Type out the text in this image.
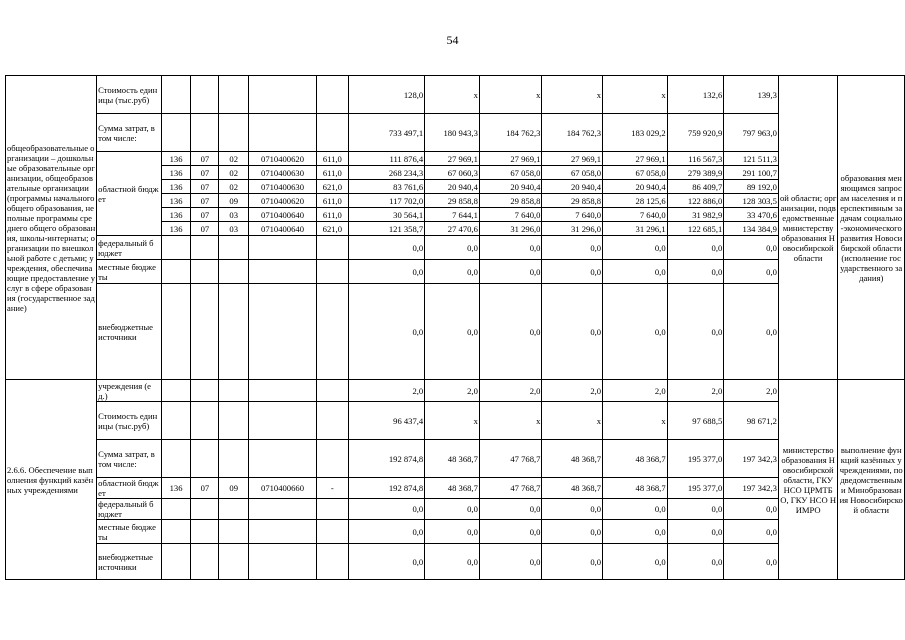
54
общеобразовательные организации – дошкольные образовательные организации, общеобразовательные организации (программы начального общего образования, неполные программы среднего общего образования, школы-интернаты; организации по внешкольной работе с детьми; учреждения, обеспечивающие предоставление услуг в сфере образования (государственное задание)	Стоимость единицы (тыс.руб)						128,0	х	х	х	х	132,6	139,3	ой области; организации, подведомственные министерству образования Новосибирской области	образования меняющимся запросам населения и перспективным задачам социально-экономического развития Новосибирской области (исполнение государственного задания)
	Сумма затрат, в том числе:						733 497,1	180 943,3	184 762,3	184 762,3	183 029,2	759 920,9	797 963,0		
	областной бюджет	136	07	02	0710400620	611,0	111 876,4	27 969,1	27 969,1	27 969,1	27 969,1	116 567,3	121 511,3		
		136	07	02	0710400630	611,0	268 234,3	67 060,3	67 058,0	67 058,0	67 058,0	279 389,9	291 100,7		
		136	07	02	0710400630	621,0	83 761,6	20 940,4	20 940,4	20 940,4	20 940,4	86 409,7	89 192,0		
		136	07	09	0710400620	611,0	117 702,0	29 858,8	29 858,8	29 858,8	28 125,6	122 886,0	128 303,5		
		136	07	03	0710400640	611,0	30 564,1	7 644,1	7 640,0	7 640,0	7 640,0	31 982,9	33 470,6		
		136	07	03	0710400640	621,0	121 358,7	27 470,6	31 296,0	31 296,0	31 296,1	122 685,1	134 384,9		
	федеральный бюджет						0,0	0,0	0,0	0,0	0,0	0,0	0,0		
	местные бюджеты						0,0	0,0	0,0	0,0	0,0	0,0	0,0		
	внебюджетные источники						0,0	0,0	0,0	0,0	0,0	0,0	0,0		
2.6.6. Обеспечение выполнения функций казённых учреждениями	учреждения (ед.)						2,0	2,0	2,0	2,0	2,0	2,0	2,0	министерство образования Новосибирской области, ГКУ НСО ЦРМТБО, ГКУ НСО НИМРО	выполнение функций казённых учреждениями, подведомственными Минобразования Новосибирской области
	Стоимость единицы (тыс.руб)						96 437,4	х	х	х	х	97 688,5	98 671,2		
	Сумма затрат, в том числе:						192 874,8	48 368,7	47 768,7	48 368,7	48 368,7	195 377,0	197 342,3		
	областной бюджет	136	07	09	0710400660	-	192 874,8	48 368,7	47 768,7	48 368,7	48 368,7	195 377,0	197 342,3		
	федеральный бюджет						0,0	0,0	0,0	0,0	0,0	0,0	0,0		
	местные бюджеты						0,0	0,0	0,0	0,0	0,0	0,0	0,0		
	внебюджетные источники						0,0	0,0	0,0	0,0	0,0	0,0	0,0		
